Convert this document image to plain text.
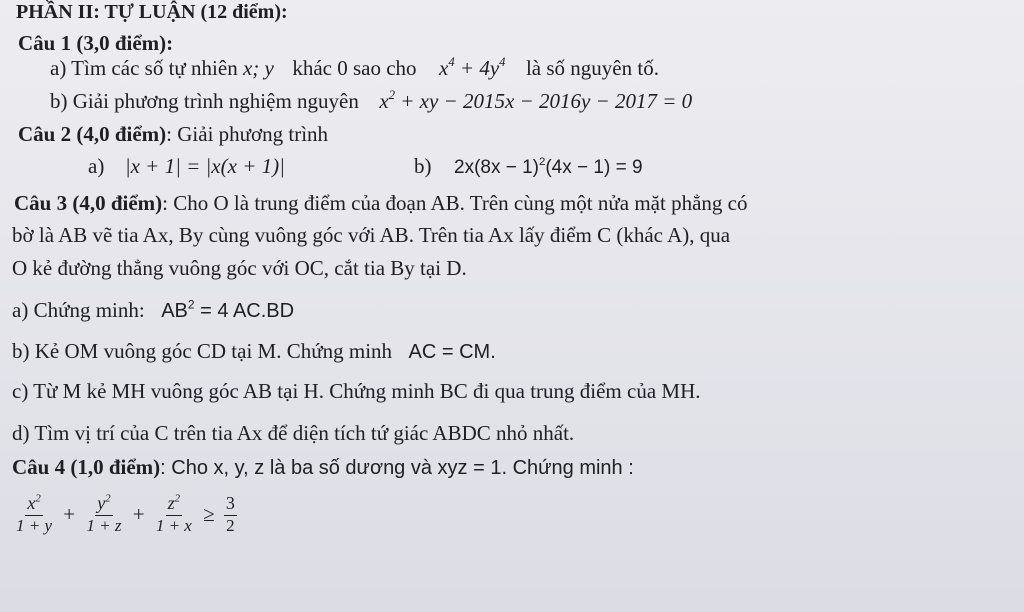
PHẦN II: TỰ LUẬN (12 điểm):
Câu 1 (3,0 điểm):
a) Tìm các số tự nhiên x; y khác 0 sao cho $x^4 + 4y^4$ là số nguyên tố.
b) Giải phương trình nghiệm nguyên $x^2$ + xy − 2015x − 2016y − 2017 = 0
Câu 2 (4,0 điểm): Giải phương trình
a) |x + 1| = |x(x + 1)|	b) $2x(8x - 1)^2(4x - 1) = 9$
Câu 3 (4,0 điểm): Cho O là trung điểm của đoạn AB. Trên cùng một nửa mặt phẳng có
bờ là AB vẽ tia Ax, By cùng vuông góc với AB. Trên tia Ax lấy điểm C (khác A), qua
O kẻ đường thẳng vuông góc với OC, cắt tia By tại D.
a) Chứng minh: $AB^2 = 4$ AC.BD
b) Kẻ OM vuông góc CD tại M. Chứng minh AC = CM.
c) Từ M kẻ MH vuông góc AB tại H. Chứng minh BC đi qua trung điểm của MH.
d) Tìm vị trí của C trên tia Ax để diện tích tứ giác ABDC nhỏ nhất.
Câu 4 (1,0 điểm): Cho x, y, z là ba số dương và xyz = 1. Chứng minh :
$\frac{x^2}{1 + y} + \frac{y^2}{1 + z} + \frac{z^2}{1 + x} \ge \frac{3}{2}$
